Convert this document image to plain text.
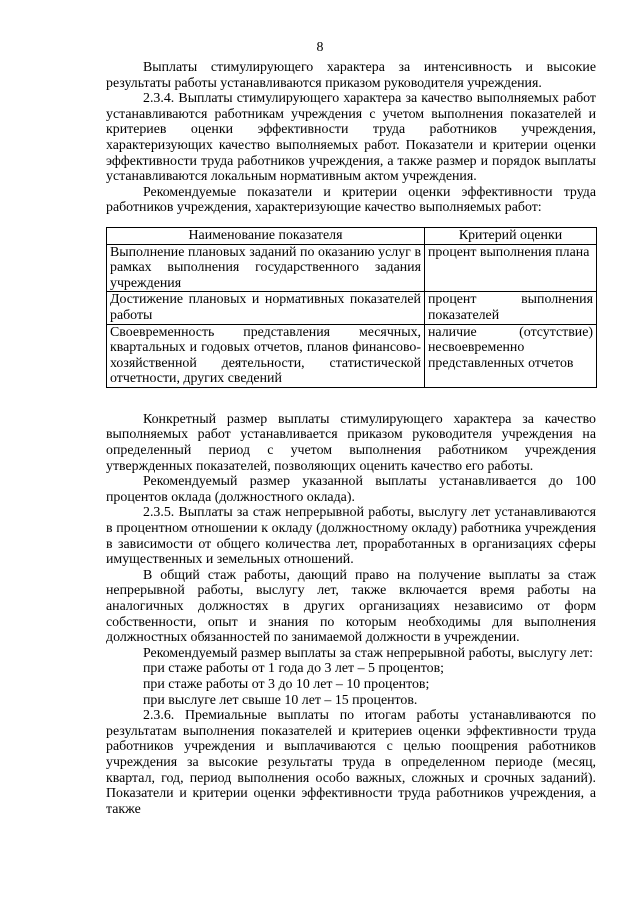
8

Выплаты стимулирующего характера за интенсивность и высокие результаты работы устанавливаются приказом руководителя учреждения.

2.3.4. Выплаты стимулирующего характера за качество выполняемых работ устанавливаются работникам учреждения с учетом выполнения показателей и критериев оценки эффективности труда работников учреждения, характеризующих качество выполняемых работ. Показатели и критерии оценки эффективности труда работников учреждения, а также размер и порядок выплаты устанавливаются локальным нормативным актом учреждения.

Рекомендуемые показатели и критерии оценки эффективности труда работников учреждения, характеризующие качество выполняемых работ:

Наименование показателя	Критерий оценки
Выполнение плановых заданий по оказанию услуг в рамках выполнения государственного задания учреждения	процент выполнения плана
Достижение плановых и нормативных показателей работы	процент выполнения показателей
Своевременность представления месячных, квартальных и годовых отчетов, планов финансово-хозяйственной деятельности, статистической отчетности, других сведений	наличие (отсутствие) несвоевременно представленных отчетов

Конкретный размер выплаты стимулирующего характера за качество выполняемых работ устанавливается приказом руководителя учреждения на определенный период с учетом выполнения работником учреждения утвержденных показателей, позволяющих оценить качество его работы.

Рекомендуемый размер указанной выплаты устанавливается до 100 процентов оклада (должностного оклада).

2.3.5. Выплаты за стаж непрерывной работы, выслугу лет устанавливаются в процентном отношении к окладу (должностному окладу) работника учреждения в зависимости от общего количества лет, проработанных в организациях сферы имущественных и земельных отношений.

В общий стаж работы, дающий право на получение выплаты за стаж непрерывной работы, выслугу лет, также включается время работы на аналогичных должностях в других организациях независимо от форм собственности, опыт и знания по которым необходимы для выполнения должностных обязанностей по занимаемой должности в учреждении.

Рекомендуемый размер выплаты за стаж непрерывной работы, выслугу лет:

при стаже работы от 1 года до 3 лет – 5 процентов;

при стаже работы от 3 до 10 лет – 10 процентов;

при выслуге лет свыше 10 лет – 15 процентов.

2.3.6. Премиальные выплаты по итогам работы устанавливаются по результатам выполнения показателей и критериев оценки эффективности труда работников учреждения и выплачиваются с целью поощрения работников учреждения за высокие результаты труда в определенном периоде (месяц, квартал, год, период выполнения особо важных, сложных и срочных заданий). Показатели и критерии оценки эффективности труда работников учреждения, а также
